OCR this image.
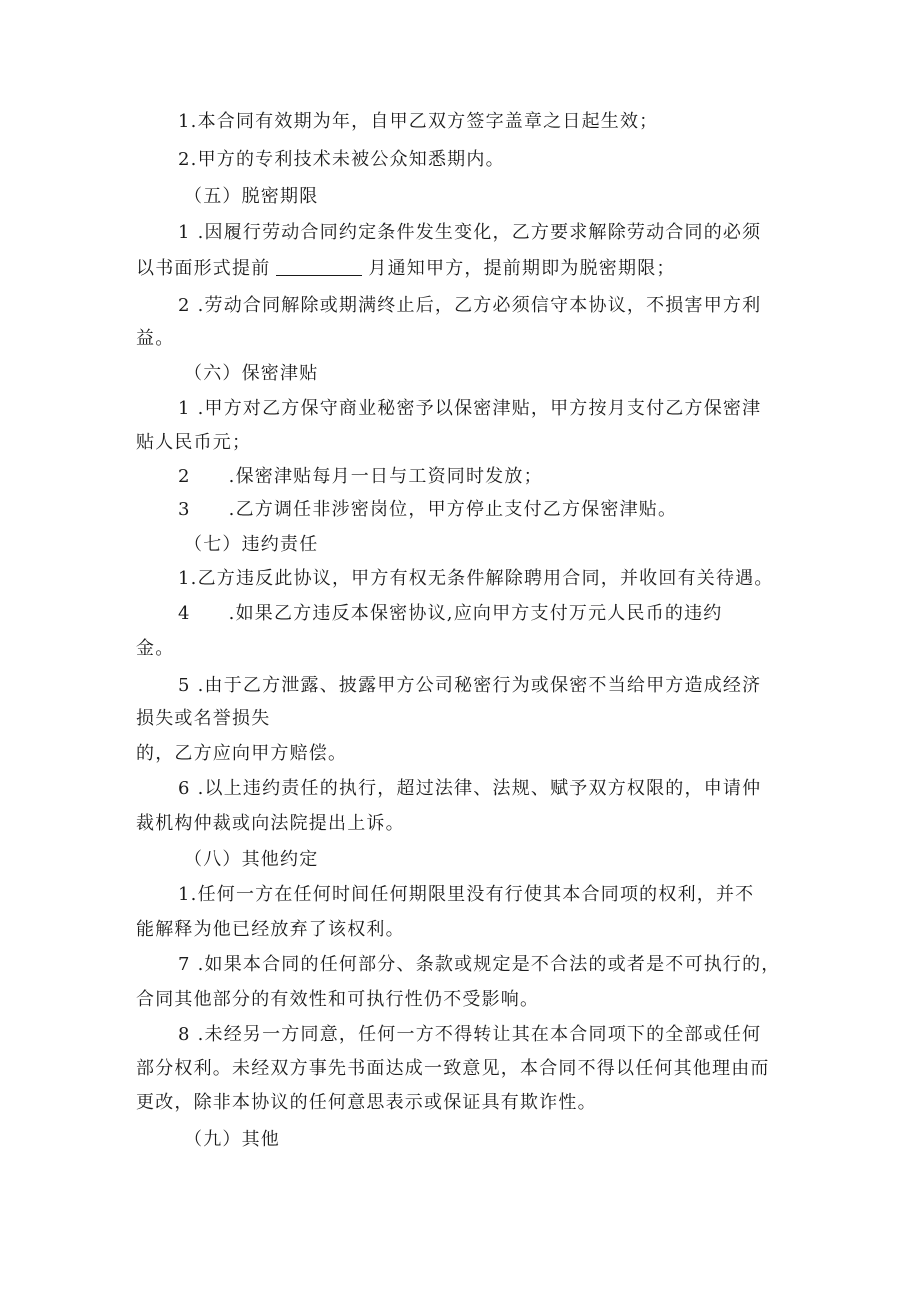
1.本合同有效期为年，自甲乙双方签字盖章之日起生效；
2.甲方的专利技术未被公众知悉期内。
（五）脱密期限
1 .因履行劳动合同约定条件发生变化，乙方要求解除劳动合同的必须
以书面形式提前	月通知甲方，提前期即为脱密期限；
2 .劳动合同解除或期满终止后，乙方必须信守本协议，不损害甲方利
益。
（六）保密津贴
1 .甲方对乙方保守商业秘密予以保密津贴，甲方按月支付乙方保密津
贴人民币元；
2 .保密津贴每月一日与工资同时发放；
3 .乙方调任非涉密岗位，甲方停止支付乙方保密津贴。
（七）违约责任
1.乙方违反此协议，甲方有权无条件解除聘用合同，并收回有关待遇。
4 .如果乙方违反本保密协议,应向甲方支付万元人民币的违约
金。
5 .由于乙方泄露、披露甲方公司秘密行为或保密不当给甲方造成经济
损失或名誉损失
的，乙方应向甲方赔偿。
6 .以上违约责任的执行，超过法律、法规、赋予双方权限的，申请仲
裁机构仲裁或向法院提出上诉。
（八）其他约定
1.任何一方在任何时间任何期限里没有行使其本合同项的权利，并不
能解释为他已经放弃了该权利。
7 .如果本合同的任何部分、条款或规定是不合法的或者是不可执行的，
合同其他部分的有效性和可执行性仍不受影响。
8 .未经另一方同意，任何一方不得转让其在本合同项下的全部或任何
部分权利。未经双方事先书面达成一致意见，本合同不得以任何其他理由而
更改，除非本协议的任何意思表示或保证具有欺诈性。
（九）其他
